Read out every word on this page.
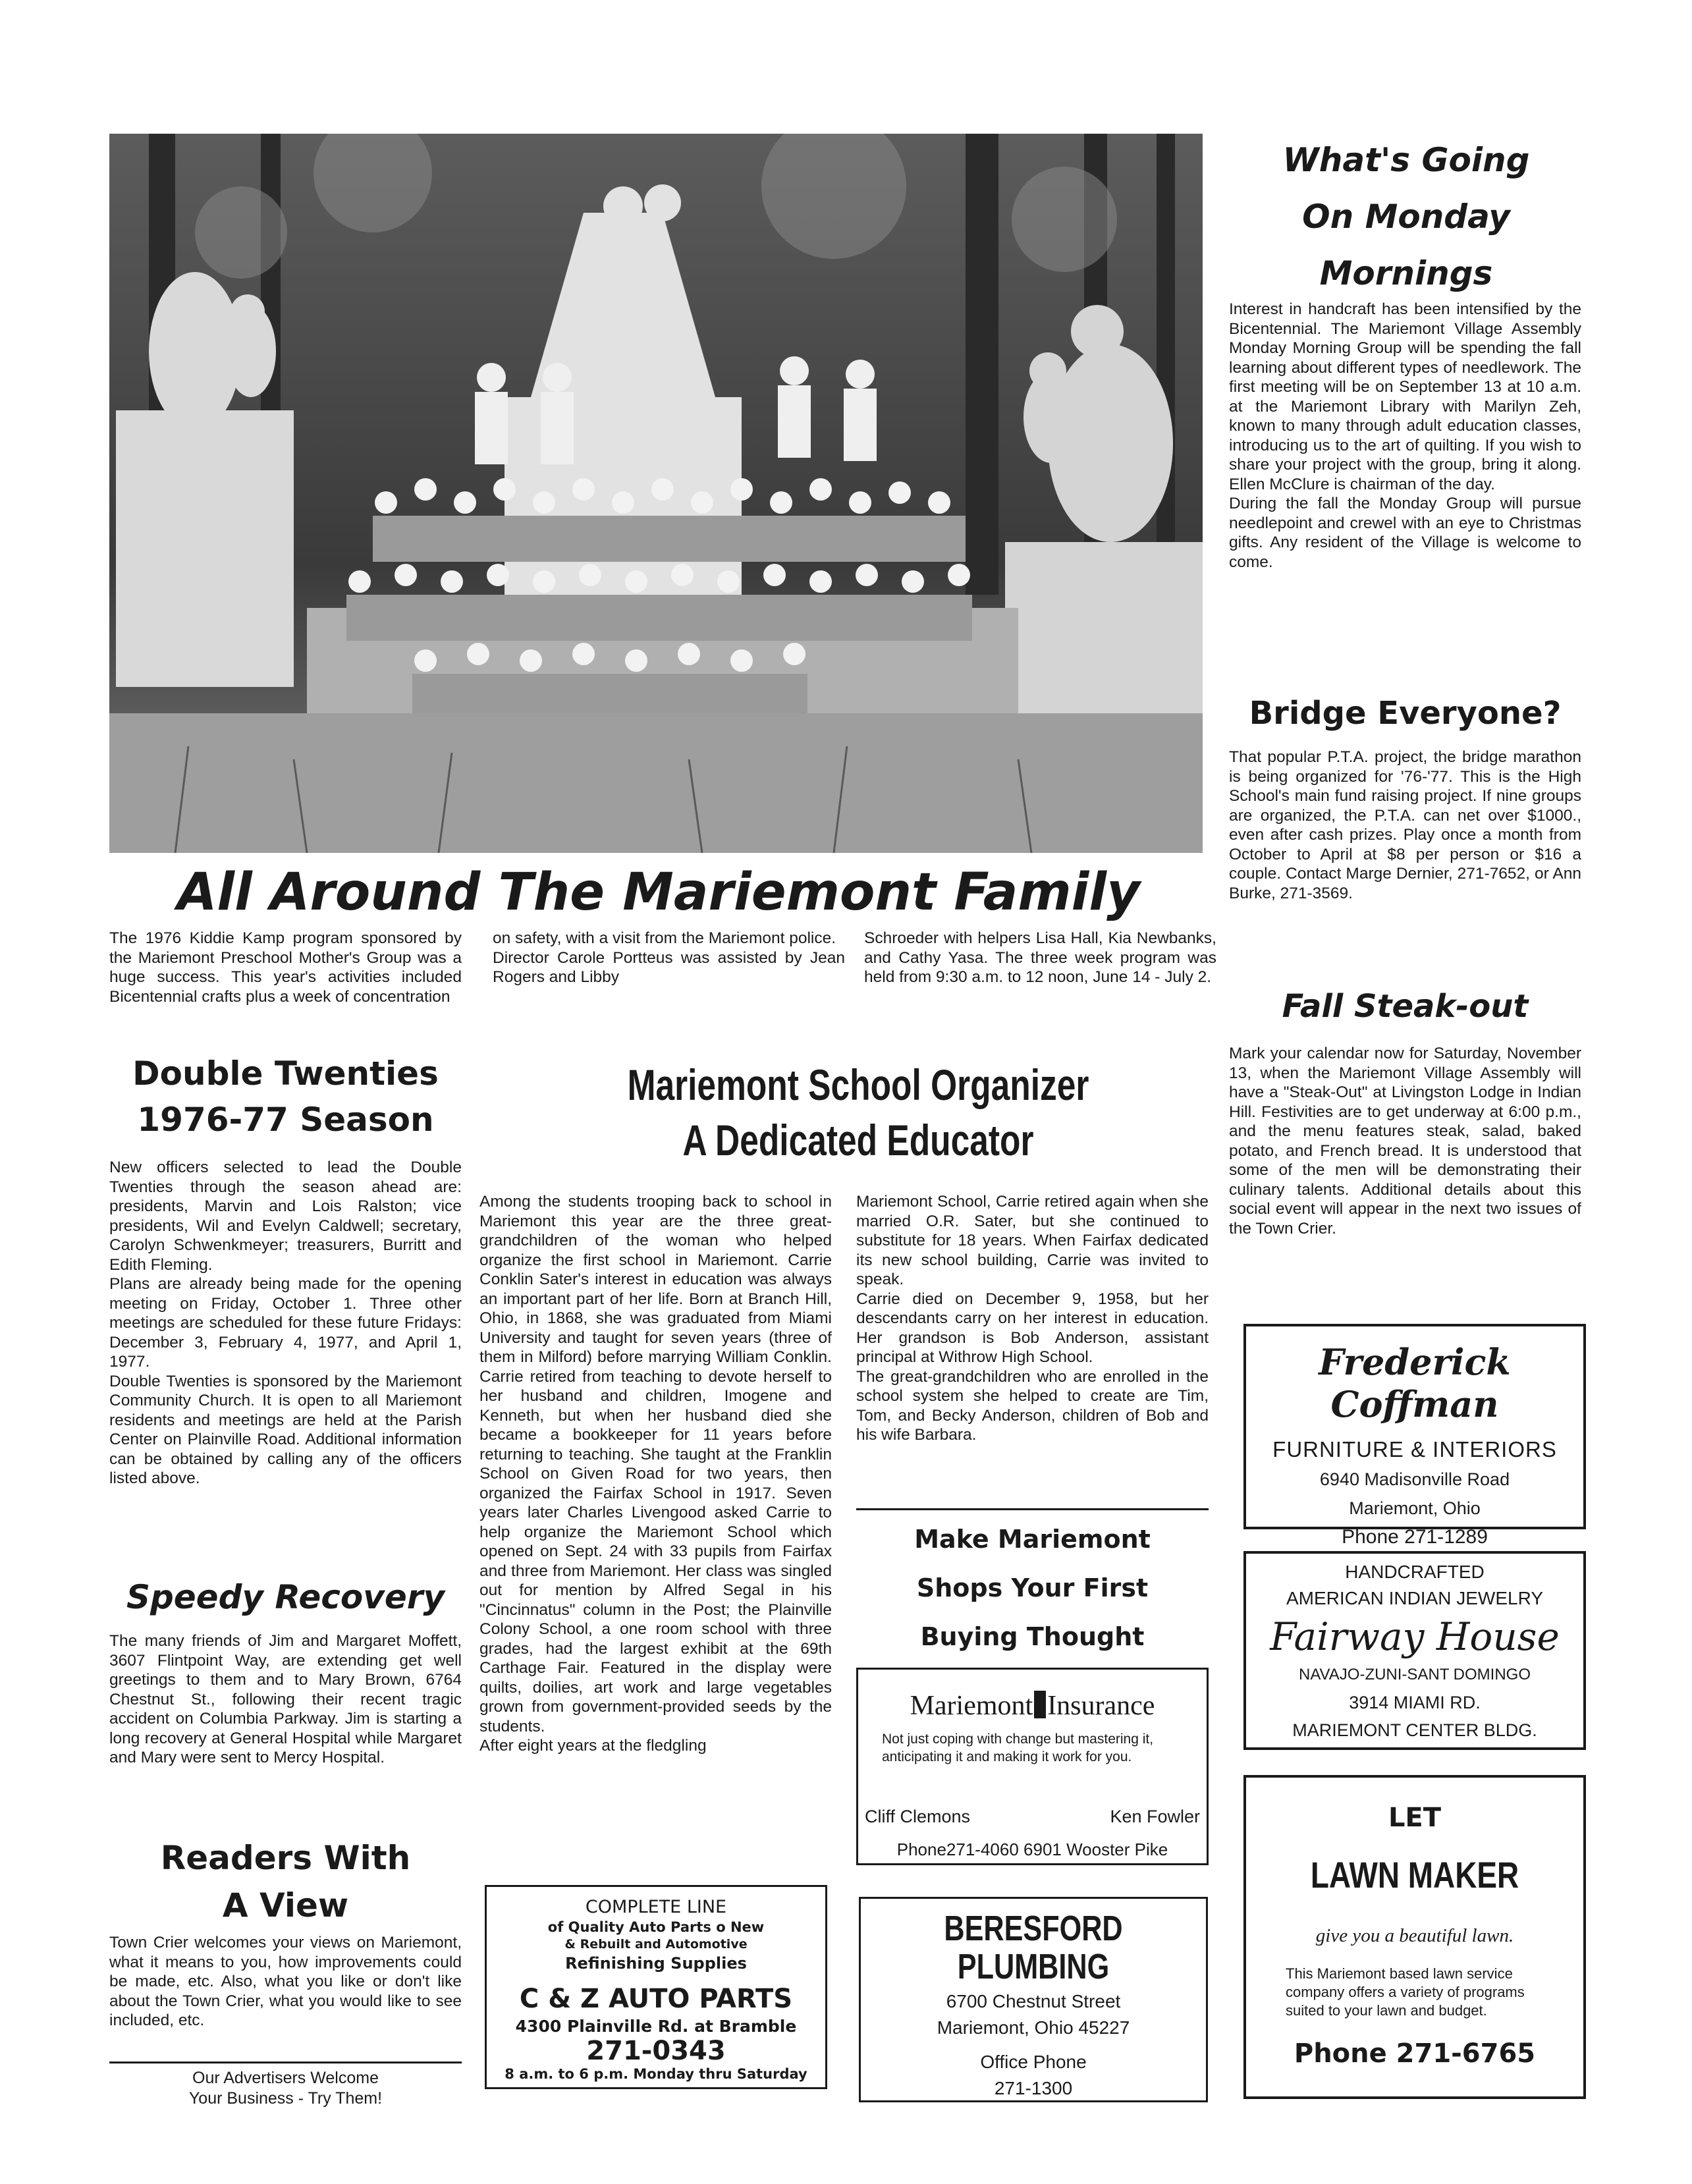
All Around The Mariemont Family

The 1976 Kiddie Kamp program sponsored by the Mariemont Preschool Mother's Group was a huge success. This year's activities included Bicentennial crafts plus a week of concentration

on safety, with a visit from the Mariemont police.
Director Carole Portteus was assisted by Jean Rogers and Libby

Schroeder with helpers Lisa Hall, Kia Newbanks, and Cathy Yasa. The three week program was held from 9:30 a.m. to 12 noon, June 14 - July 2.

Double Twenties
1976-77 Season

New officers selected to lead the Double Twenties through the season ahead are: presidents, Marvin and Lois Ralston; vice presidents, Wil and Evelyn Caldwell; secretary, Carolyn Schwenkmeyer; treasurers, Burritt and Edith Fleming.
Plans are already being made for the opening meeting on Friday, October 1. Three other meetings are scheduled for these future Fridays: December 3, February 4, 1977, and April 1, 1977.
Double Twenties is sponsored by the Mariemont Community Church. It is open to all Mariemont residents and meetings are held at the Parish Center on Plainville Road. Additional information can be obtained by calling any of the officers listed above.

Speedy Recovery

The many friends of Jim and Margaret Moffett, 3607 Flintpoint Way, are extending get well greetings to them and to Mary Brown, 6764 Chestnut St., following their recent tragic accident on Columbia Parkway. Jim is starting a long recovery at General Hospital while Margaret and Mary were sent to Mercy Hospital.

Readers With
A View

Town Crier welcomes your views on Mariemont, what it means to you, how improvements could be made, etc. Also, what you like or don't like about the Town Crier, what you would like to see included, etc.

Our Advertisers Welcome
Your Business - Try Them!
Mariemont School Organizer
A Dedicated Educator

Among the students trooping back to school in Mariemont this year are the three great-grandchildren of the woman who helped organize the first school in Mariemont. Carrie Conklin Sater's interest in education was always an important part of her life. Born at Branch Hill, Ohio, in 1868, she was graduated from Miami University and taught for seven years (three of them in Milford) before marrying William Conklin. Carrie retired from teaching to devote herself to her husband and children, Imogene and Kenneth, but when her husband died she became a bookkeeper for 11 years before returning to teaching. She taught at the Franklin School on Given Road for two years, then organized the Fairfax School in 1917. Seven years later Charles Livengood asked Carrie to help organize the Mariemont School which opened on Sept. 24 with 33 pupils from Fairfax and three from Mariemont. Her class was singled out for mention by Alfred Segal in his "Cincinnatus" column in the Post; the Plainville Colony School, a one room school with three grades, had the largest exhibit at the 69th Carthage Fair. Featured in the display were quilts, doilies, art work and large vegetables grown from government-provided seeds by the students.
After eight years at the fledgling

Mariemont School, Carrie retired again when she married O.R. Sater, but she continued to substitute for 18 years. When Fairfax dedicated its new school building, Carrie was invited to speak.
Carrie died on December 9, 1958, but her descendants carry on her interest in education. Her grandson is Bob Anderson, assistant principal at Withrow High School.
The great-grandchildren who are enrolled in the school system she helped to create are Tim, Tom, and Becky Anderson, children of Bob and his wife Barbara.

Make Mariemont
Shops Your First
Buying Thought
Mariemont Insurance
Not just coping with change but mastering it, anticipating it and making it work for you.
Cliff Clemons	Ken Fowler
Phone271-4060 6901 Wooster Pike
COMPLETE LINE
of Quality Auto Parts o New
& Rebuilt and Automotive
Refinishing Supplies
C & Z AUTO PARTS
4300 Plainville Rd. at Bramble
271-0343
8 a.m. to 6 p.m. Monday thru Saturday
BERESFORD
PLUMBING
6700 Chestnut Street
Mariemont, Ohio 45227
Office Phone
271-1300
What's Going
On Monday
Mornings

Interest in handcraft has been intensified by the Bicentennial. The Mariemont Village Assembly Monday Morning Group will be spending the fall learning about different types of needlework. The first meeting will be on September 13 at 10 a.m. at the Mariemont Library with Marilyn Zeh, known to many through adult education classes, introducing us to the art of quilting. If you wish to share your project with the group, bring it along. Ellen McClure is chairman of the day.
During the fall the Monday Group will pursue needlepoint and crewel with an eye to Christmas gifts. Any resident of the Village is welcome to come.

Bridge Everyone?

That popular P.T.A. project, the bridge marathon is being organized for '76-'77. This is the High School's main fund raising project. If nine groups are organized, the P.T.A. can net over $1000., even after cash prizes. Play once a month from October to April at $8 per person or $16 a couple. Contact Marge Dernier, 271-7652, or Ann Burke, 271-3569.

Fall Steak-out

Mark your calendar now for Saturday, November 13, when the Mariemont Village Assembly will have a "Steak-Out" at Livingston Lodge in Indian Hill. Festivities are to get underway at 6:00 p.m., and the menu features steak, salad, baked potato, and French bread. It is understood that some of the men will be demonstrating their culinary talents. Additional details about this social event will appear in the next two issues of the Town Crier.

Frederick Coffman
FURNITURE & INTERIORS
6940 Madisonville Road
Mariemont, Ohio
Phone 271-1289
HANDCRAFTED
AMERICAN INDIAN JEWELRY
Fairway House
NAVAJO-ZUNI-SANT DOMINGO
3914 MIAMI RD.
MARIEMONT CENTER BLDG.
LET
LAWN MAKER
give you a beautiful lawn.
This Mariemont based lawn service company offers a variety of programs suited to your lawn and budget.
Phone 271-6765
